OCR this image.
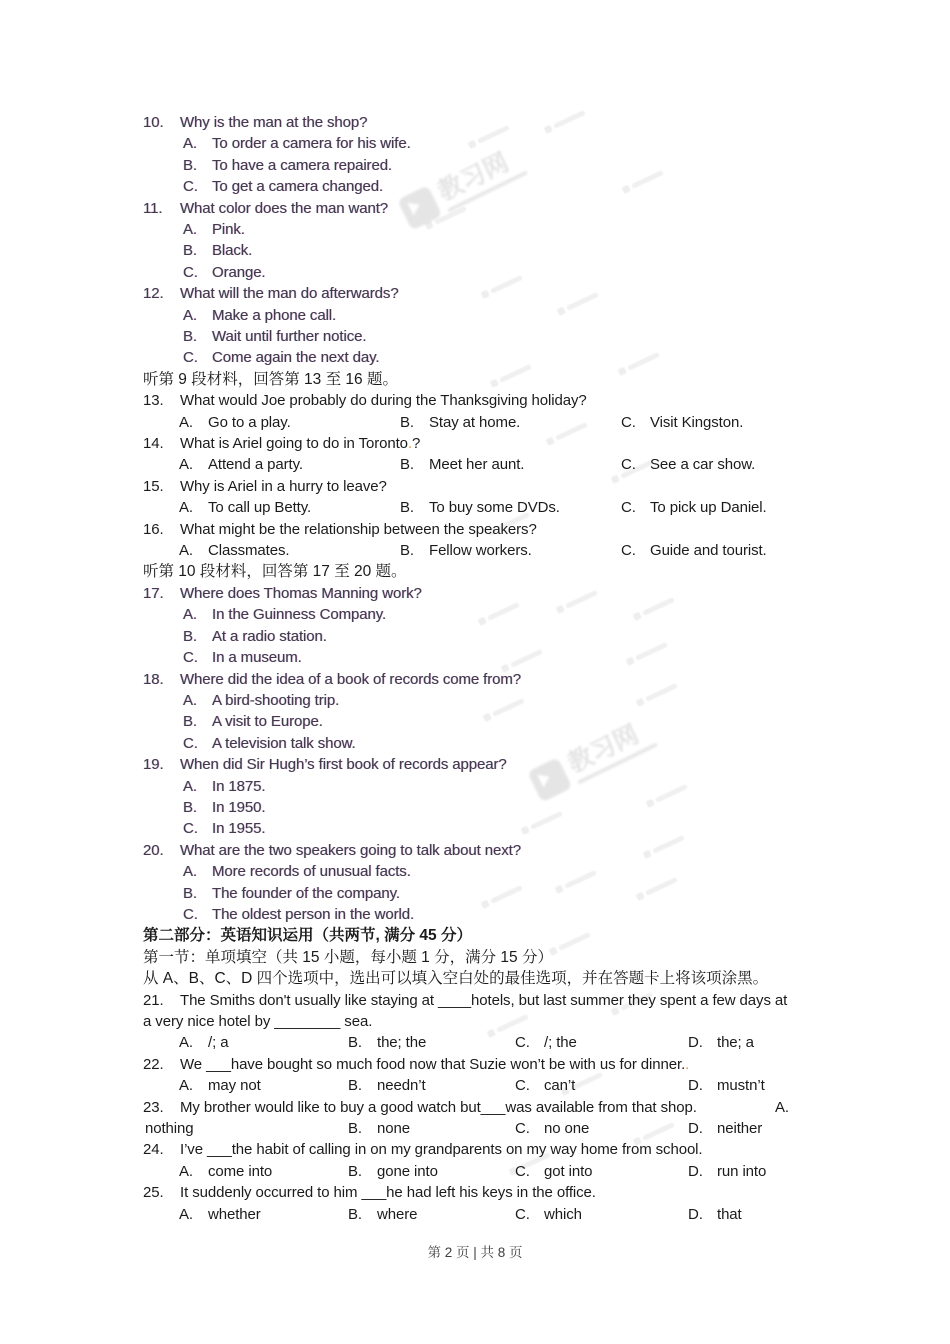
教习网
教习网
10.	Why is the man at the shop?
A.	To order a camera for his wife.
B.	To have a camera repaired.
C. To get a camera changed.
11.	What color does the man want?
A.	Pink.
B.	Black.
C. Orange.
12.	What will the man do afterwards?
A.	Make a phone call.
B.	Wait until further notice.
C. Come again the next day.
听第 9 段材料，回答第 13 至 16 题。
13.	What would Joe probably do during the Thanksgiving holiday?
A.	Go to a play.	B.	Stay at home.	C. Visit Kingston.
14.	What is Ariel going to do in Toronto . ?
A.	Attend a party.	B.	Meet her aunt.	C. See a car show.
15.	Why is Ariel in a hurry to leave?
A.	To call up Betty.	B.	To buy some DVDs.	C. To pick up Daniel.
16.	What might be the relationship between the speakers?
A.	Classmates.	B.	Fellow workers.	C. Guide and tourist.
听第 10 段材料，回答第 17 至 20 题。
17.	Where does Thomas Manning work?
A.	In the Guinness Company.
B.	At a radio station.
C. In a museum.
18.	Where did the idea of a book of records come from?
A.	A bird-shooting trip.
B.	A visit to Europe.
C. A television talk show.
19.	When did Sir Hugh’s first book of records appear?
A.	In 1875.
B.	In 1950.
C. In 1955.
20.	What are the two speakers going to talk about next?
A.	More records of unusual facts.
B.	The founder of the company.
C. The oldest person in the world.
第二部分：英语知识运用（共两节, 满分 45 分）
第一节：单项填空（共 15 小题，每小题 1 分，满分 15 分）
从 A、B、C、D 四个选项中，选出可以填入空白处的最佳选项，并在答题卡上将该项涂黑。
21.	The Smiths don't usually like staying at ____hotels, but last summer they spent a few days at
a very nice hotel by ________ sea.
A.	/; a	B.	the; the	C. /; the	D. the; a
22.	We ___have bought so much food now that Suzie won’t be with us for dinner. .
A.	may not	B.	needn’t	C. can’t	D. mustn’t
23.	My brother would like to buy a good watch but___was available from that shop.	A.
nothing	B.	none	C. no one	D. neither
24.	I’ve ___the habit of calling in on my grandparents on my way home from school.
A.	come into	B.	gone into	C. got into	D. run into
25.	It suddenly occurred to him ___he had left his keys in the office.
A.	whether	B.	where	C. which	D. that
第 2 页 | 共 8 页
